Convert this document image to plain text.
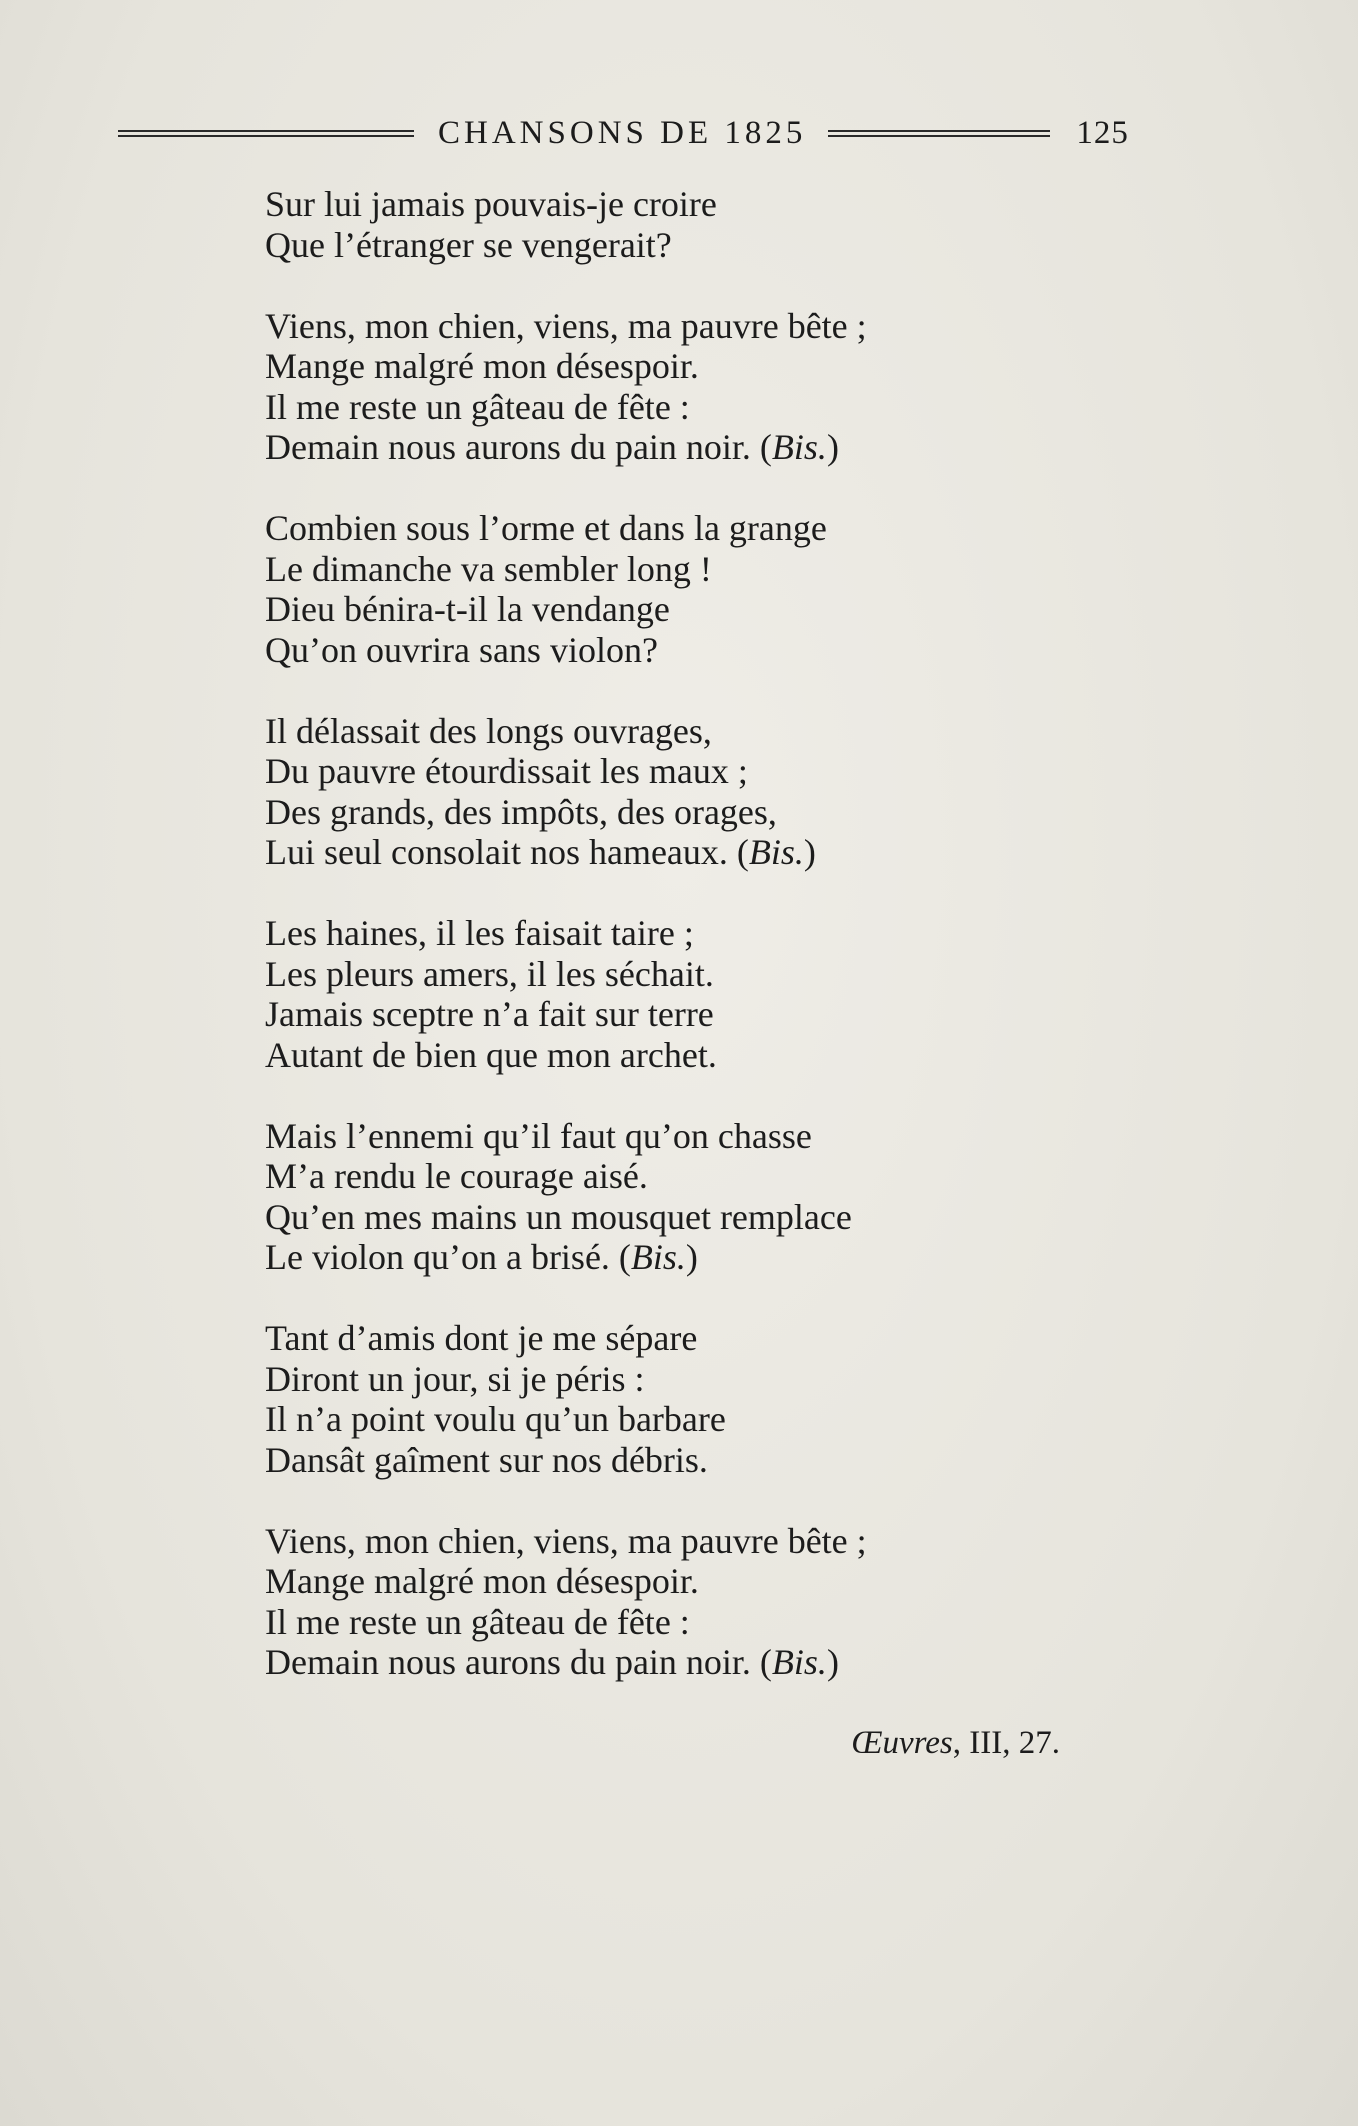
CHANSONS DE 1825	125
Sur lui jamais pouvais-je croire
Que l’étranger se vengerait?
Viens, mon chien, viens, ma pauvre bête ;
Mange malgré mon désespoir.
Il me reste un gâteau de fête :
Demain nous aurons du pain noir. (Bis.)
Combien sous l’orme et dans la grange
Le dimanche va sembler long !
Dieu bénira-t-il la vendange
Qu’on ouvrira sans violon?
Il délassait des longs ouvrages,
Du pauvre étourdissait les maux ;
Des grands, des impôts, des orages,
Lui seul consolait nos hameaux. (Bis.)
Les haines, il les faisait taire ;
Les pleurs amers, il les séchait.
Jamais sceptre n’a fait sur terre
Autant de bien que mon archet.
Mais l’ennemi qu’il faut qu’on chasse
M’a rendu le courage aisé.
Qu’en mes mains un mousquet remplace
Le violon qu’on a brisé. (Bis.)
Tant d’amis dont je me sépare
Diront un jour, si je péris :
Il n’a point voulu qu’un barbare
Dansât gaîment sur nos débris.
Viens, mon chien, viens, ma pauvre bête ;
Mange malgré mon désespoir.
Il me reste un gâteau de fête :
Demain nous aurons du pain noir. (Bis.)
Œuvres, III, 27.
